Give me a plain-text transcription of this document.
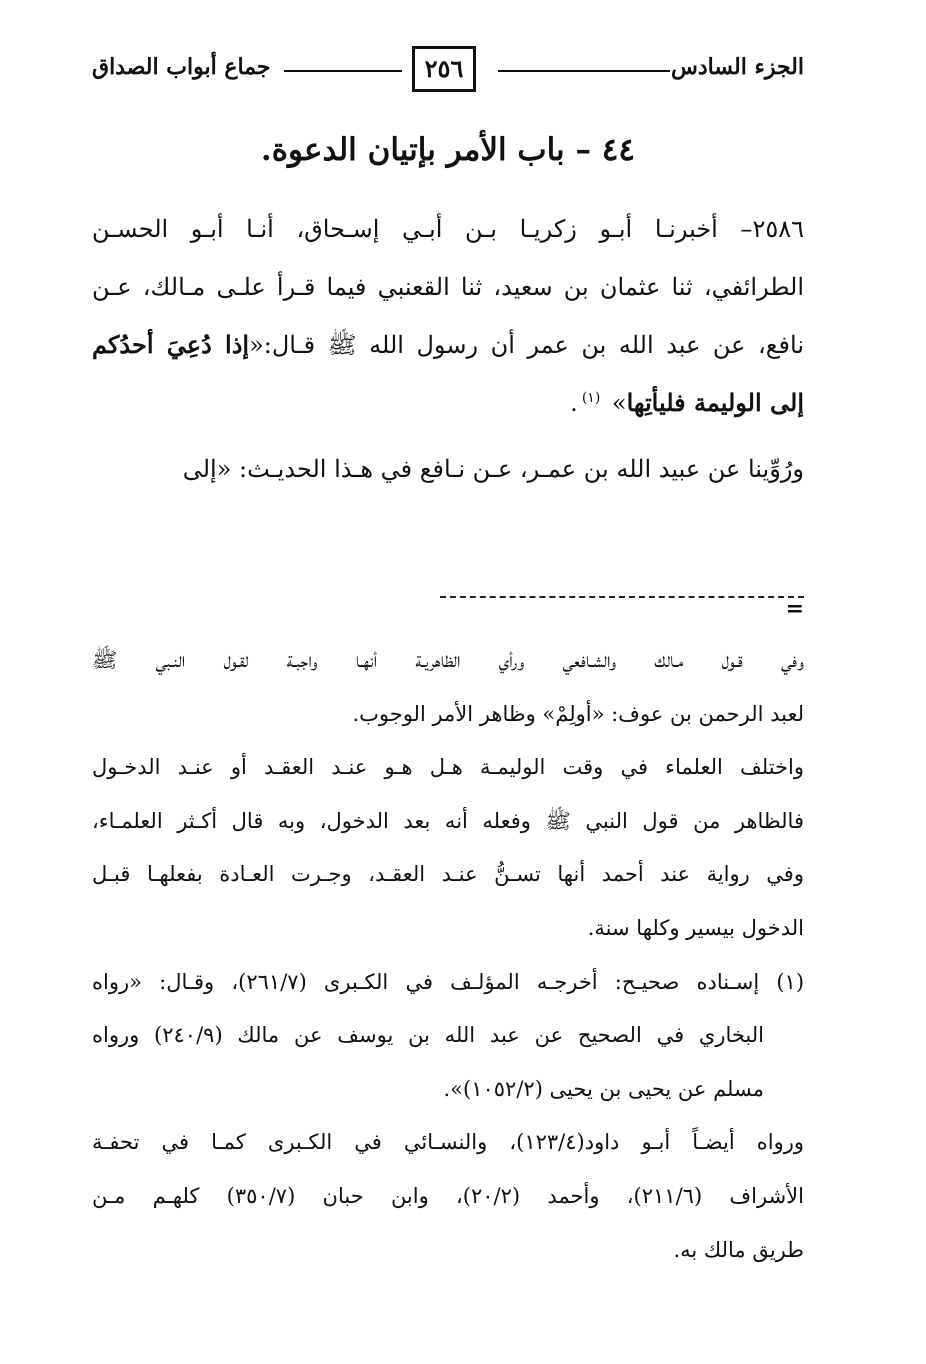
الجزء السادس
٢٥٦
جماع أبواب الصداق
٤٤ – باب الأمر بإتيان الدعوة.
٢٥٨٦– أخبرنـا أبـو زكريـا بـن أبـي إسـحاق، أنـا أبـو الحسـن
الطرائفي، ثنا عثمان بن سعيد، ثنا القعنبي فيما قـرأ علـى مـالك، عـن
نافع، عن عبد الله بن عمر أن رسول الله ﷺ قـال:«إذا دُعِيَ أحدُكم
إلى الوليمة فليأتِها» $^{(١)}$.
ورُوِّينا عن عبيد الله بن عمـر، عـن نـافع في هـذا الحديـث: «إلى
=
وفي قـول مـالك والشـافعي ورأي الظاهريـة أنهـا واجبـة لقـول النـبي ﷺ
لعبد الرحمن بن عوف: «أولِمْ» وظاهر الأمر الوجوب.
واختلف العلماء في وقت الوليمـة هـل هـو عنـد العقـد أو عنـد الدخـول
فالظاهر من قول النبي ﷺ وفعله أنه بعد الدخول، وبه قال أكـثر العلمـاء،
وفي رواية عند أحمد أنها تسـنُّ عنـد العقـد، وجـرت العـادة بفعلهـا قبـل
الدخول بيسير وكلها سنة.
(١) إسـناده صحيـح: أخرجـه المؤلـف في الكـبرى (٢٦١/٧)، وقـال: «رواه
البخاري في الصحيح عن عبد الله بن يوسف عن مالك (٢٤٠/٩) ورواه
مسلم عن يحيى بن يحيى (١٠٥٢/٢)».
ورواه أيضـاً أبـو داود(١٢٣/٤)، والنسـائي في الكـبرى كمـا في تحفـة
الأشراف (٢١١/٦)، وأحمد (٢٠/٢)، وابن حبان (٣٥٠/٧) كلهـم مـن
طريق مالك به.
